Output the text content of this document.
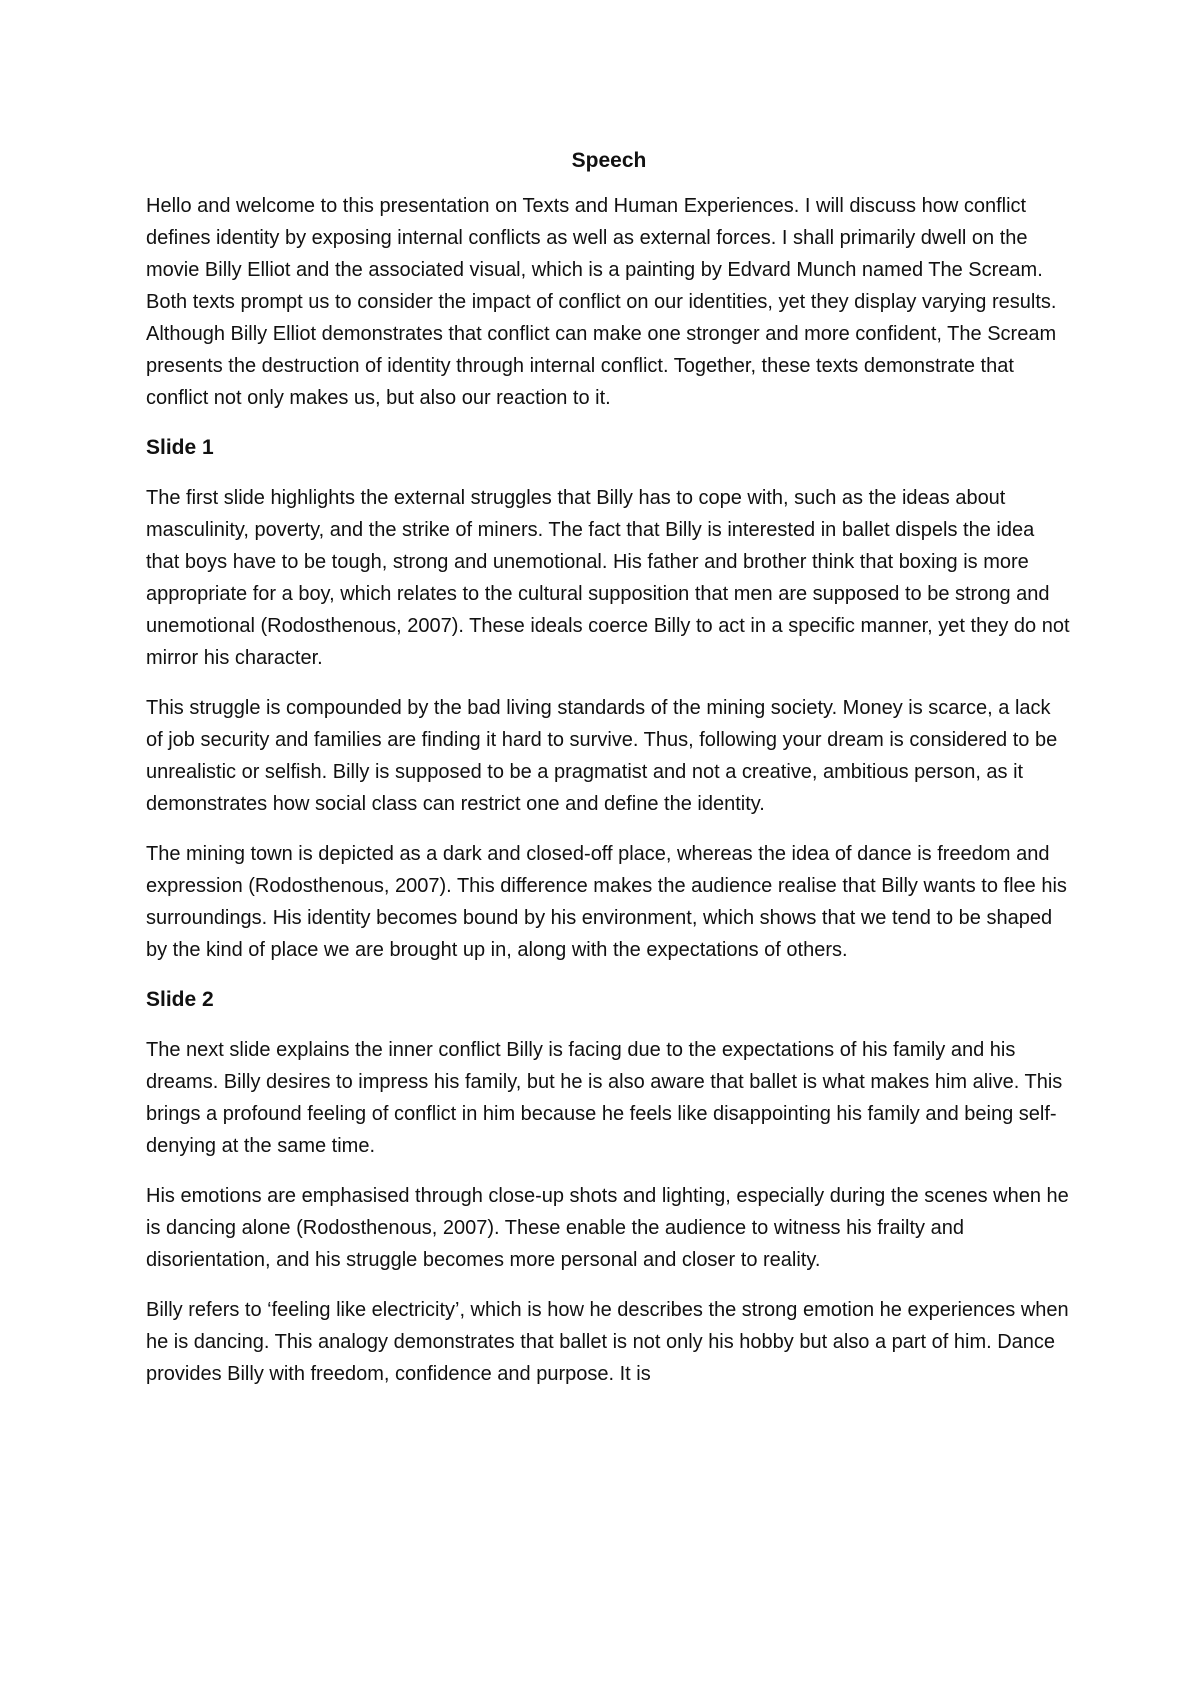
Speech

Hello and welcome to this presentation on Texts and Human Experiences. I will discuss how conflict defines identity by exposing internal conflicts as well as external forces. I shall primarily dwell on the movie Billy Elliot and the associated visual, which is a painting by Edvard Munch named The Scream. Both texts prompt us to consider the impact of conflict on our identities, yet they display varying results. Although Billy Elliot demonstrates that conflict can make one stronger and more confident, The Scream presents the destruction of identity through internal conflict. Together, these texts demonstrate that conflict not only makes us, but also our reaction to it.

Slide 1

The first slide highlights the external struggles that Billy has to cope with, such as the ideas about masculinity, poverty, and the strike of miners. The fact that Billy is interested in ballet dispels the idea that boys have to be tough, strong and unemotional. His father and brother think that boxing is more appropriate for a boy, which relates to the cultural supposition that men are supposed to be strong and unemotional (Rodosthenous, 2007). These ideals coerce Billy to act in a specific manner, yet they do not mirror his character.

This struggle is compounded by the bad living standards of the mining society. Money is scarce, a lack of job security and families are finding it hard to survive. Thus, following your dream is considered to be unrealistic or selfish. Billy is supposed to be a pragmatist and not a creative, ambitious person, as it demonstrates how social class can restrict one and define the identity.

The mining town is depicted as a dark and closed-off place, whereas the idea of dance is freedom and expression (Rodosthenous, 2007). This difference makes the audience realise that Billy wants to flee his surroundings. His identity becomes bound by his environment, which shows that we tend to be shaped by the kind of place we are brought up in, along with the expectations of others.

Slide 2

The next slide explains the inner conflict Billy is facing due to the expectations of his family and his dreams. Billy desires to impress his family, but he is also aware that ballet is what makes him alive. This brings a profound feeling of conflict in him because he feels like disappointing his family and being self-denying at the same time.

His emotions are emphasised through close-up shots and lighting, especially during the scenes when he is dancing alone (Rodosthenous, 2007). These enable the audience to witness his frailty and disorientation, and his struggle becomes more personal and closer to reality.

Billy refers to ‘feeling like electricity’, which is how he describes the strong emotion he experiences when he is dancing. This analogy demonstrates that ballet is not only his hobby but also a part of him. Dance provides Billy with freedom, confidence and purpose. It is
